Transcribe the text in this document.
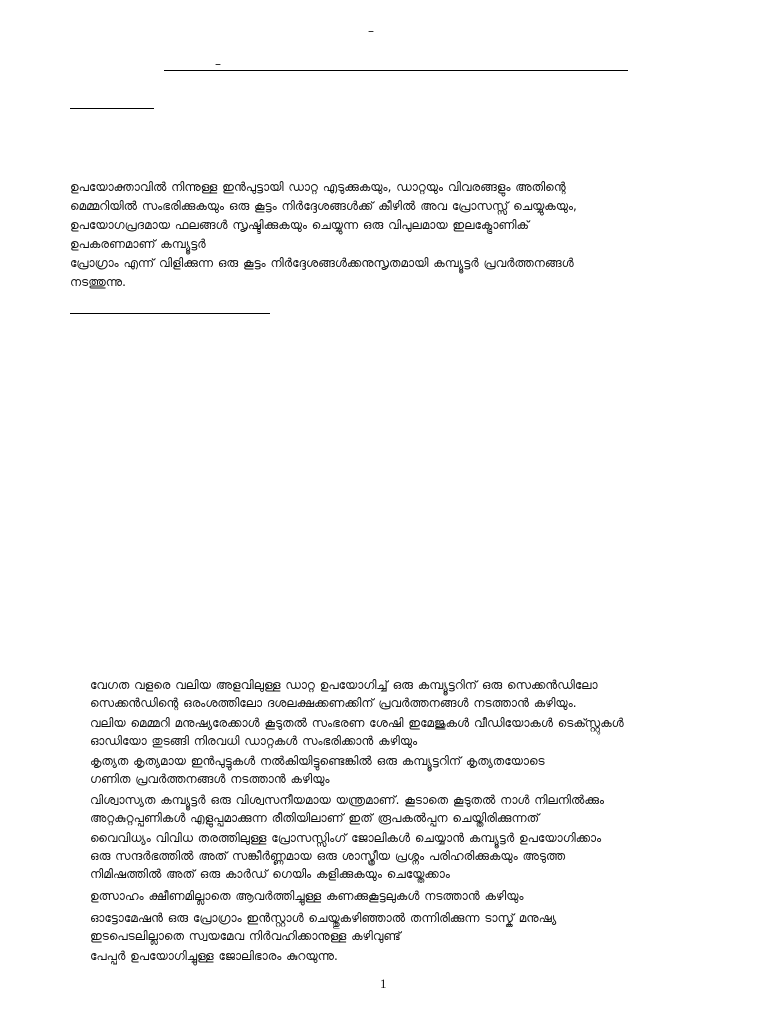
–
–
ഉപയോക്താവിൽ നിന്നുള്ള ഇൻപുട്ടായി ഡാറ്റ എടുക്കുകയും, ഡാറ്റയും വിവരങ്ങളും അതിന്റെ
മെമ്മറിയിൽ സംഭരിക്കുകയും ഒരു കൂട്ടം നിർദ്ദേശങ്ങൾക്ക് കീഴിൽ അവ പ്രോസസ്സ് ചെയ്യുകയും,
ഉപയോഗപ്രദമായ ഫലങ്ങൾ സൃഷ്ടിക്കുകയും ചെയ്യുന്ന ഒരു വിപുലമായ ഇലക്ട്രോണിക്
ഉപകരണമാണ് കമ്പ്യൂട്ടർ
പ്രോഗ്രാം എന്ന് വിളിക്കുന്ന ഒരു കൂട്ടം നിർദ്ദേശങ്ങൾക്കനുസൃതമായി കമ്പ്യൂട്ടർ പ്രവർത്തനങ്ങൾ
നടത്തുന്നു.
വേഗത വളരെ വലിയ അളവിലുള്ള ഡാറ്റ ഉപയോഗിച്ച് ഒരു കമ്പ്യൂട്ടറിന് ഒരു സെക്കൻഡിലോ
സെക്കൻഡിന്റെ ഒരംശത്തിലോ ദശലക്ഷക്കണക്കിന് പ്രവർത്തനങ്ങൾ നടത്താൻ കഴിയും.
വലിയ മെമ്മറി മനുഷ്യരേക്കാൾ കൂടുതൽ സംഭരണ ശേഷി ഇമേജുകൾ വീഡിയോകൾ ടെക്സ്റ്റുകൾ
ഓഡിയോ തുടങ്ങി നിരവധി ഡാറ്റകൾ സംഭരിക്കാൻ കഴിയും
കൃത്യത കൃത്യമായ ഇൻപുട്ടുകൾ നൽകിയിട്ടുണ്ടെങ്കിൽ ഒരു കമ്പ്യൂട്ടറിന് കൃത്യതയോടെ
ഗണിത പ്രവർത്തനങ്ങൾ നടത്താൻ കഴിയും
വിശ്വാസ്യത കമ്പ്യൂട്ടർ ഒരു വിശ്വസനീയമായ യന്ത്രമാണ്. കൂടാതെ കൂടുതൽ നാൾ നിലനിൽക്കും
അറ്റകുറ്റപ്പണികൾ എളുപ്പമാക്കുന്ന രീതിയിലാണ് ഇത് രൂപകൽപ്പന ചെയ്തിരിക്കുന്നത്
വൈവിധ്യം വിവിധ തരത്തിലുള്ള പ്രോസസ്സിംഗ് ജോലികൾ ചെയ്യാൻ കമ്പ്യൂട്ടർ ഉപയോഗിക്കാം
ഒരു സന്ദർഭത്തിൽ അത് സങ്കീർണ്ണമായ ഒരു ശാസ്ത്രീയ പ്രശ്നം പരിഹരിക്കുകയും അടുത്ത
നിമിഷത്തിൽ അത് ഒരു കാർഡ് ഗെയിം കളിക്കുകയും ചെയ്തേക്കാം
ഉത്സാഹം ക്ഷീണമില്ലാതെ ആവർത്തിച്ചുള്ള കണക്കുകൂട്ടലുകൾ നടത്താൻ കഴിയും
ഓട്ടോമേഷൻ ഒരു പ്രോഗ്രാം ഇൻസ്റ്റാൾ ചെയ്തുകഴിഞ്ഞാൽ തന്നിരിക്കുന്ന ടാസ്ക് മനുഷ്യ
ഇടപെടലില്ലാതെ സ്വയമേവ നിർവഹിക്കാനുള്ള കഴിവുണ്ട്
പേപ്പർ ഉപയോഗിച്ചുള്ള ജോലിഭാരം കുറയുന്നു.
1
